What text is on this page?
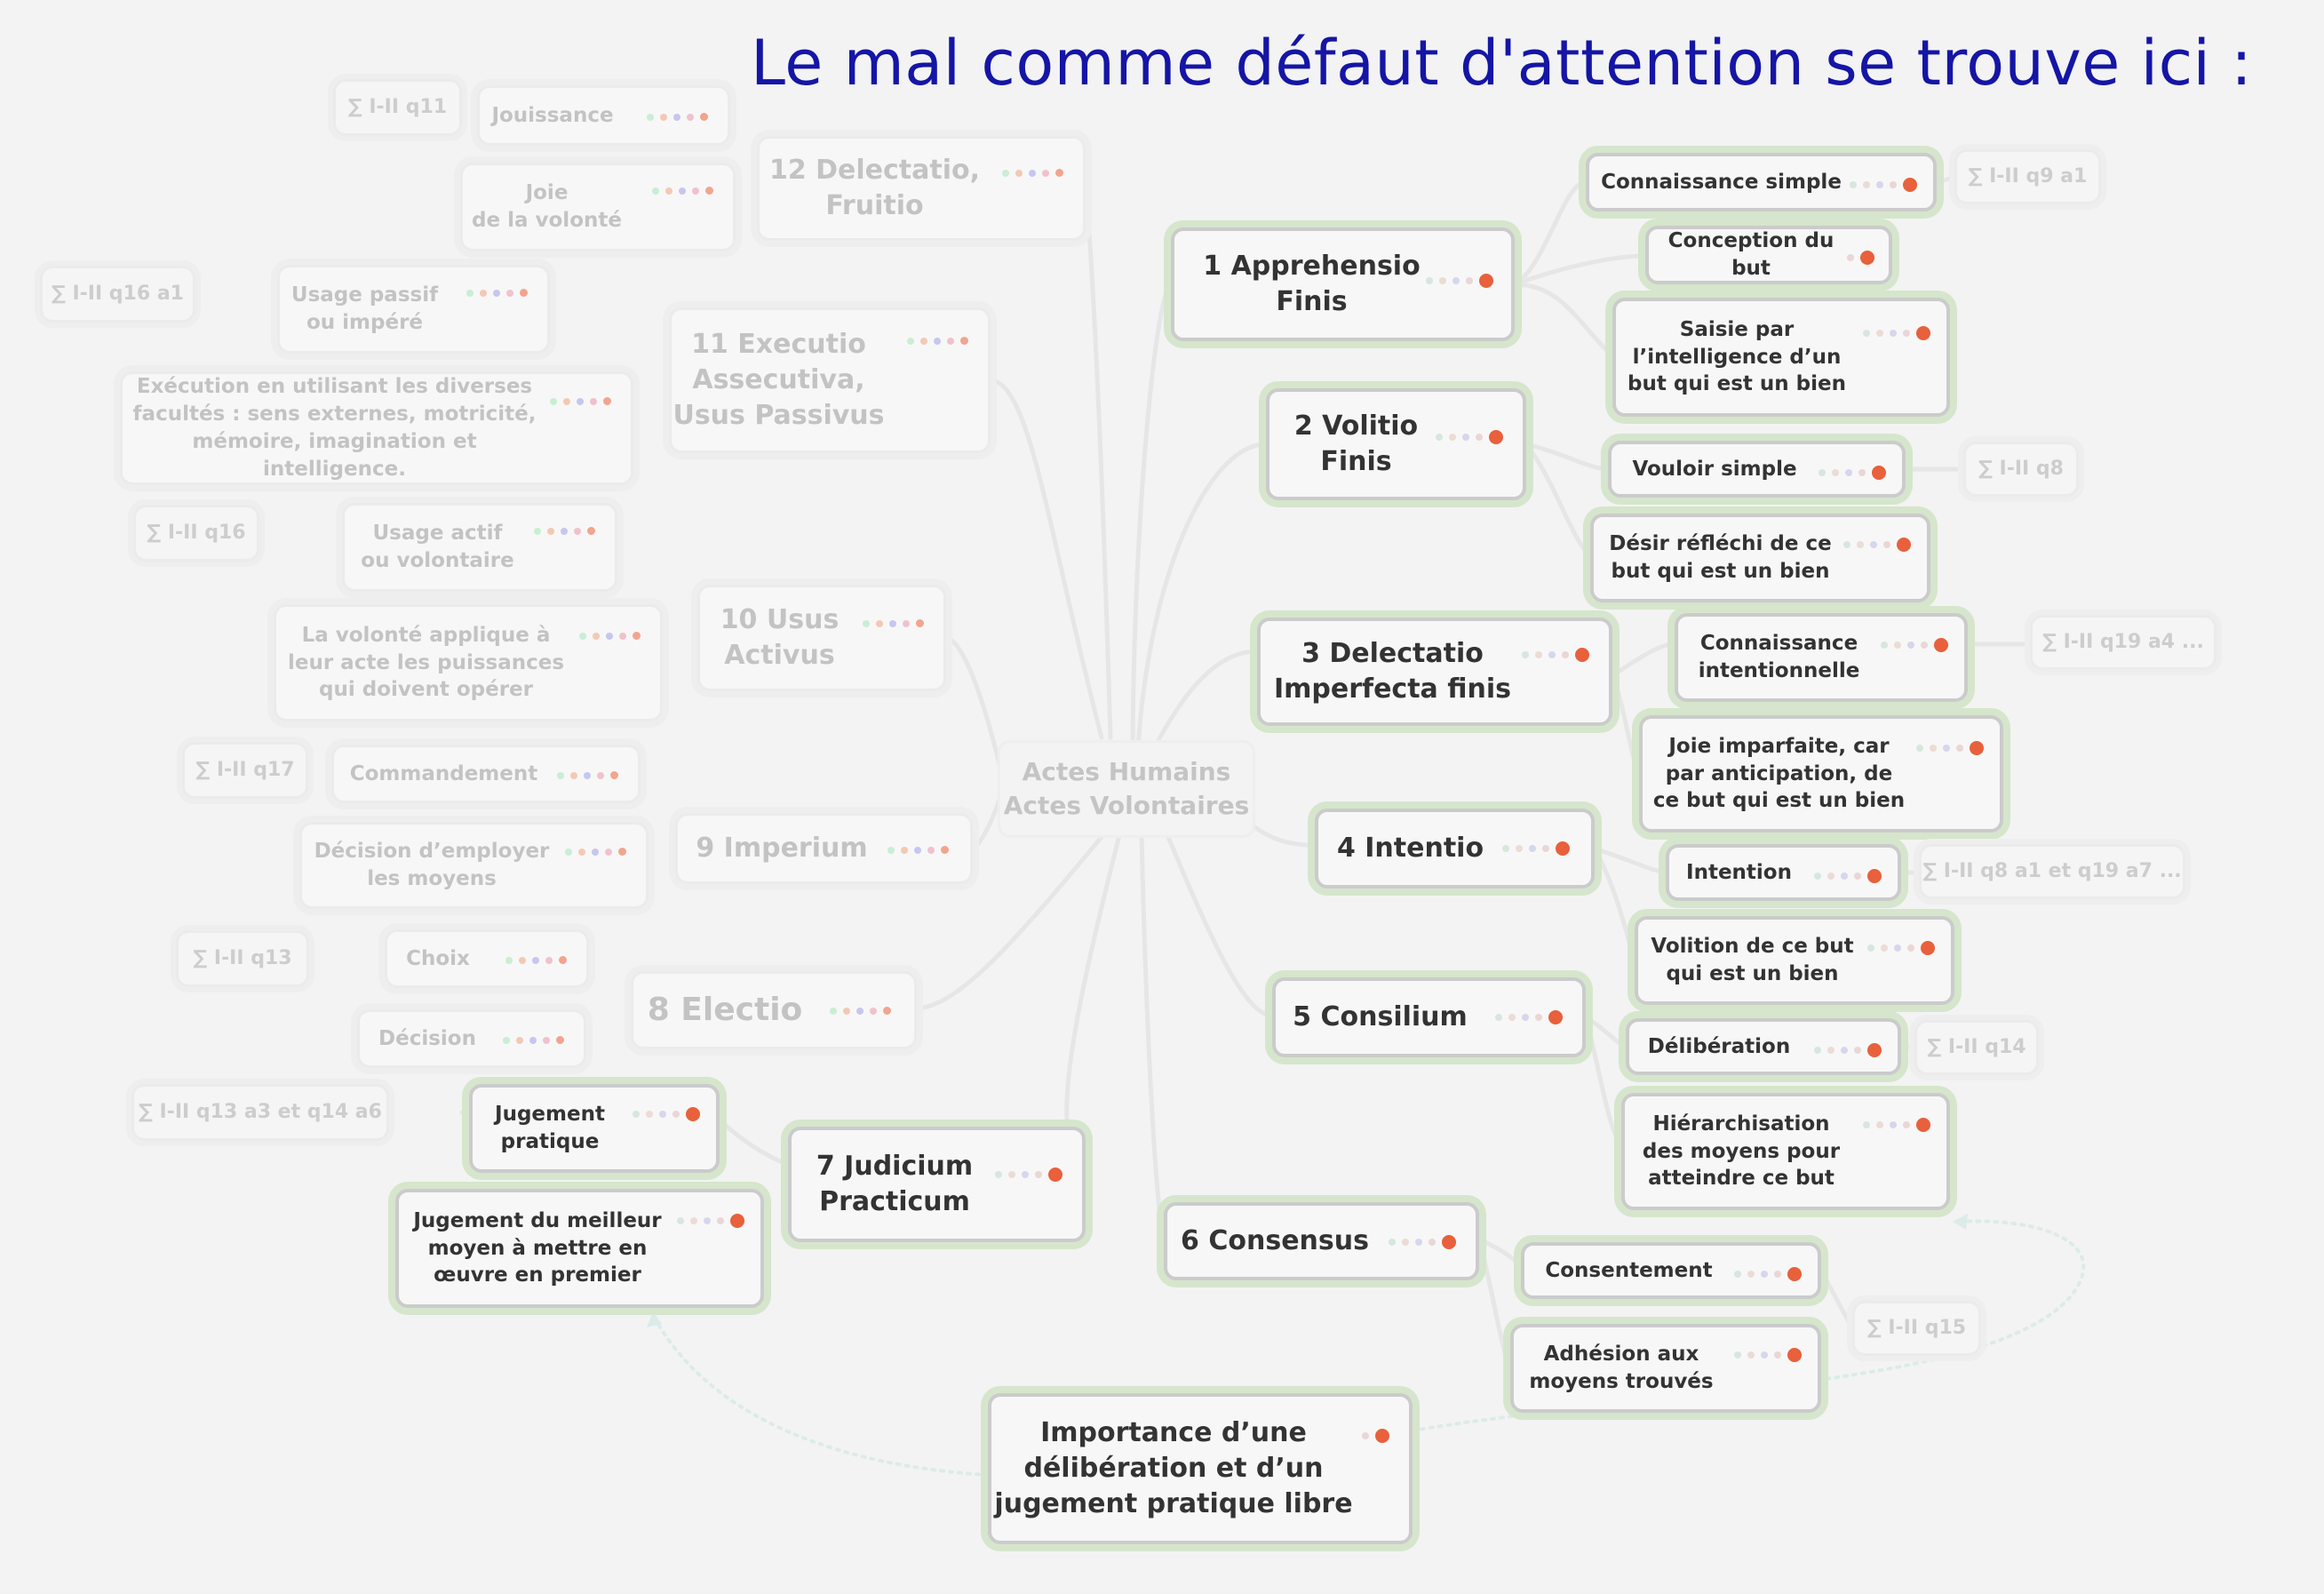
Le mal comme défaut d'attention se trouve ici :
Actes Humains
Actes Volontaires
1 Apprehensio
Finis
2 Volitio
Finis
3 Delectatio
Imperfecta finis
4 Intentio
5 Consilium
6 Consensus
7 Judicium
Practicum
8 Electio
9 Imperium
10 Usus
Activus
11 Executio
Assecutiva,
Usus Passivus
12 Delectatio,
Fruitio
Connaissance simple
Conception du but
Saisie par
l’intelligence d’un
but qui est un bien
Vouloir simple
Désir réfléchi de ce
but qui est un bien
Connaissance
intentionnelle
Joie imparfaite, car
par anticipation, de
ce but qui est un bien
Intention
Volition de ce but
qui est un bien
Délibération
Hiérarchisation
des moyens pour
atteindre ce but
Consentement
Adhésion aux
moyens trouvés
Jugement
pratique
Jugement du meilleur
moyen à mettre en
œuvre en premier
Choix
Décision
Commandement
Décision d’employer
les moyens
Usage actif
ou volontaire
La volonté applique à
leur acte les puissances
qui doivent opérer
Usage passif
ou impéré
Exécution en utilisant les diverses
facultés : sens externes, motricité,
mémoire, imagination et intelligence.
Jouissance
Joie
de la volonté
∑ I-II q9 a1
∑ I-II q8
∑ I-II q19 a4 ...
∑ I-II q8 a1 et q19 a7 ...
∑ I-II q14
∑ I-II q15
∑ I-II q13 a3 et q14 a6
∑ I-II q13
∑ I-II q17
∑ I-II q16
∑ I-II q16 a1
∑ I-II q11
Importance d’une
délibération et d’un
jugement pratique libre
